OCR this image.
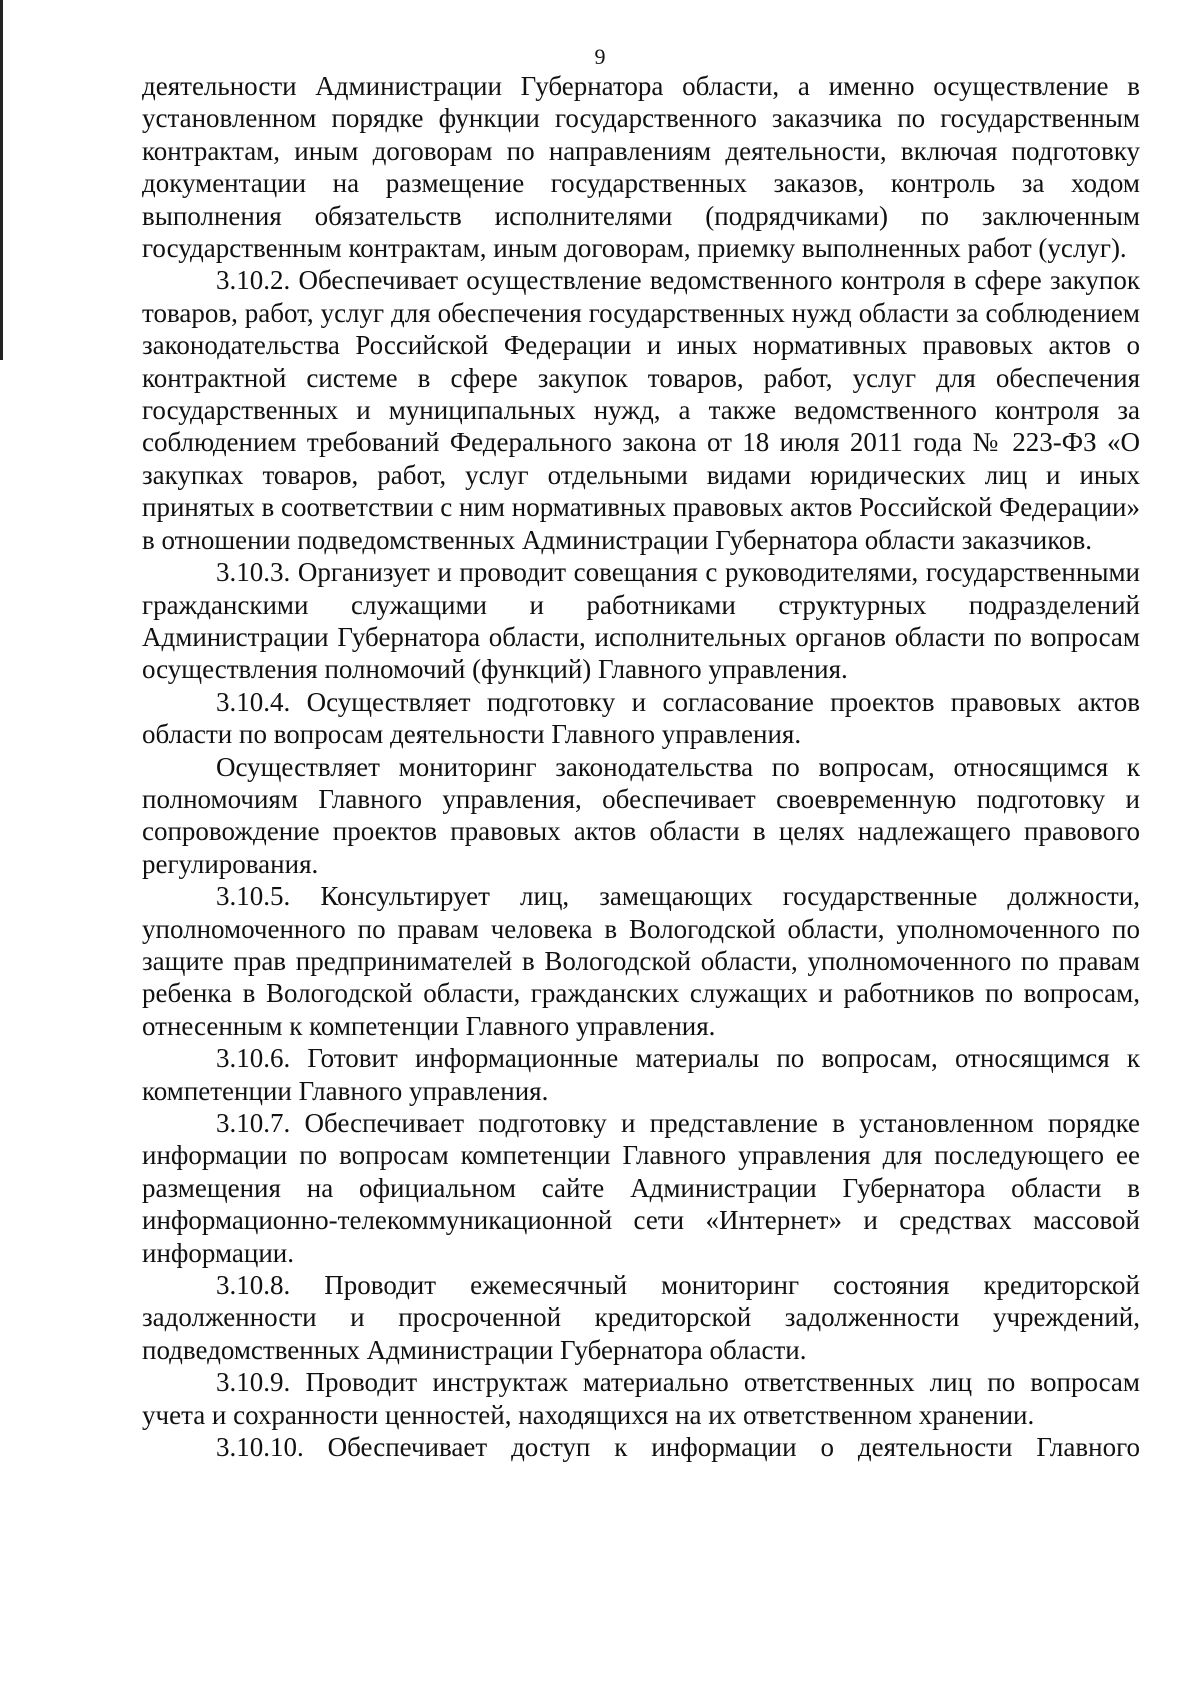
9

деятельности Администрации Губернатора области, а именно осуществление в установленном порядке функции государственного заказчика по государственным контрактам, иным договорам по направлениям деятельности, включая подготовку документации на размещение государственных заказов, контроль за ходом выполнения обязательств исполнителями (подрядчиками) по заключенным государственным контрактам, иным договорам, приемку выполненных работ (услуг).

3.10.2. Обеспечивает осуществление ведомственного контроля в сфере закупок товаров, работ, услуг для обеспечения государственных нужд области за соблюдением законодательства Российской Федерации и иных нормативных правовых актов о контрактной системе в сфере закупок товаров, работ, услуг для обеспечения государственных и муниципальных нужд, а также ведомственного контроля за соблюдением требований Федерального закона от 18 июля 2011 года № 223-ФЗ «О закупках товаров, работ, услуг отдельными видами юридических лиц и иных принятых в соответствии с ним нормативных правовых актов Российской Федерации» в отношении подведомственных Администрации Губернатора области заказчиков.

3.10.3. Организует и проводит совещания с руководителями, государственными гражданскими служащими и работниками структурных подразделений Администрации Губернатора области, исполнительных органов области по вопросам осуществления полномочий (функций) Главного управления.

3.10.4. Осуществляет подготовку и согласование проектов правовых актов области по вопросам деятельности Главного управления.

Осуществляет мониторинг законодательства по вопросам, относящимся к полномочиям Главного управления, обеспечивает своевременную подготовку и сопровождение проектов правовых актов области в целях надлежащего правового регулирования.

3.10.5. Консультирует лиц, замещающих государственные должности, уполномоченного по правам человека в Вологодской области, уполномоченного по защите прав предпринимателей в Вологодской области, уполномоченного по правам ребенка в Вологодской области, гражданских служащих и работников по вопросам, отнесенным к компетенции Главного управления.

3.10.6. Готовит информационные материалы по вопросам, относящимся к компетенции Главного управления.

3.10.7. Обеспечивает подготовку и представление в установленном порядке информации по вопросам компетенции Главного управления для последующего ее размещения на официальном сайте Администрации Губернатора области в информационно-телекоммуникационной сети «Интернет» и средствах массовой информации.

3.10.8. Проводит ежемесячный мониторинг состояния кредиторской задолженности и просроченной кредиторской задолженности учреждений, подведомственных Администрации Губернатора области.

3.10.9. Проводит инструктаж материально ответственных лиц по вопросам учета и сохранности ценностей, находящихся на их ответственном хранении.

3.10.10. Обеспечивает доступ к информации о деятельности Главного
